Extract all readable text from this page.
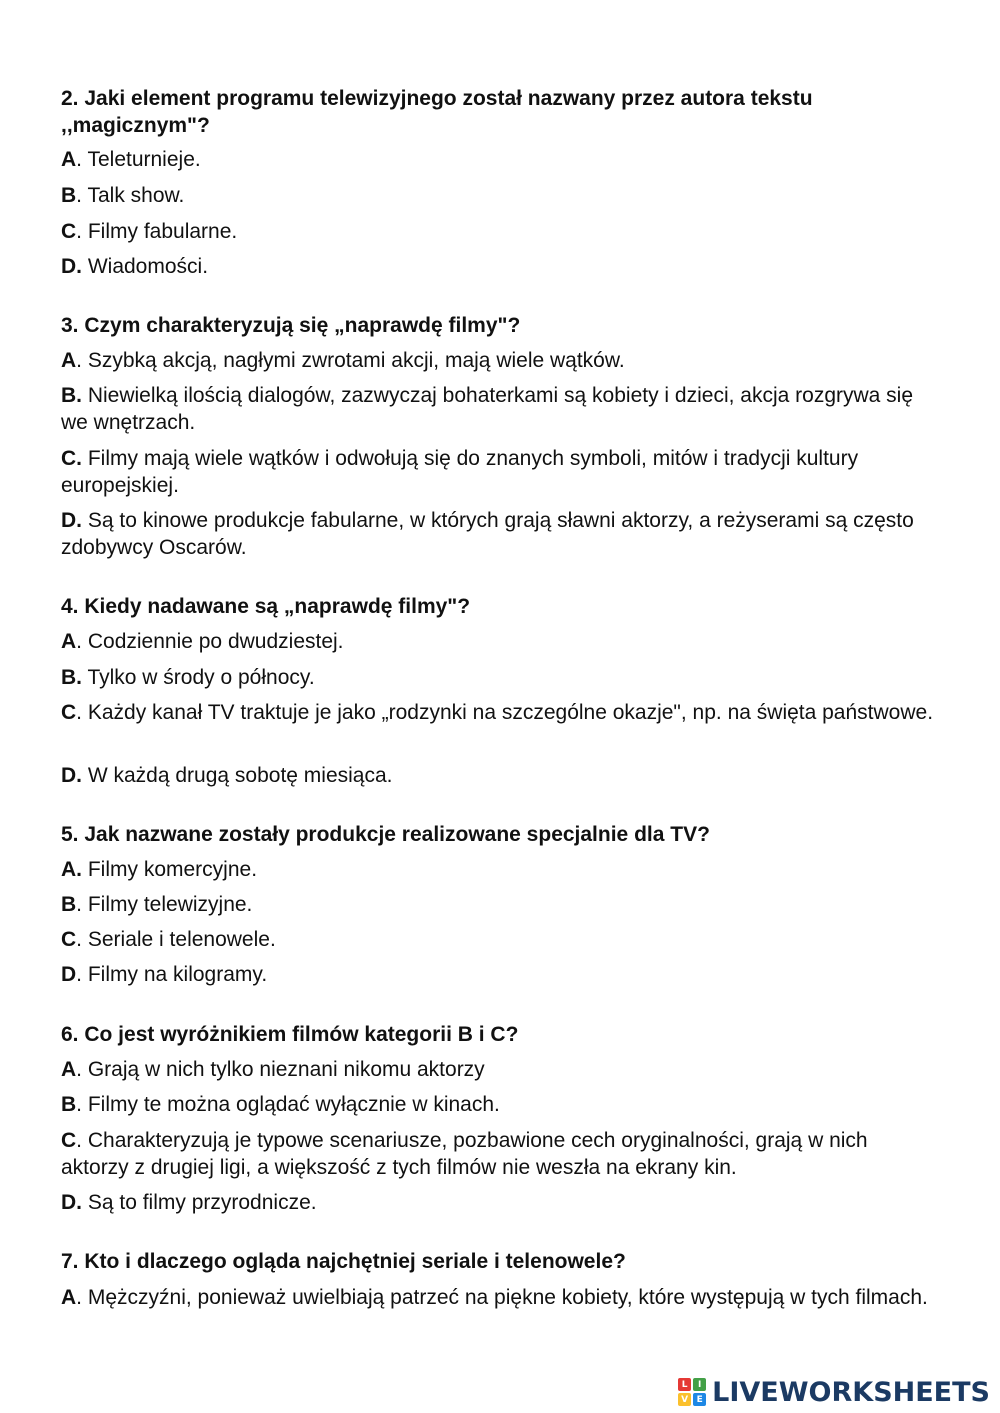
2. Jaki element programu telewizyjnego został nazwany przez autora tekstu ,,magicznym"?

A. Teleturnieje.

B. Talk show.

C. Filmy fabularne.

D. Wiadomości.

3. Czym charakteryzują się „naprawdę filmy"?

A. Szybką akcją, nagłymi zwrotami akcji, mają wiele wątków.

B. Niewielką ilością dialogów, zazwyczaj bohaterkami są kobiety i dzieci, akcja rozgrywa się we wnętrzach.

C. Filmy mają wiele wątków i odwołują się do znanych symboli, mitów i tradycji kultury europejskiej.

D. Są to kinowe produkcje fabularne, w których grają sławni aktorzy, a reżyserami są często zdobywcy Oscarów.

4. Kiedy nadawane są „naprawdę filmy"?

A. Codziennie po dwudziestej.

B. Tylko w środy o północy.

C. Każdy kanał TV traktuje je jako „rodzynki na szczególne okazje", np. na święta państwowe.

D. W każdą drugą sobotę miesiąca.

5. Jak nazwane zostały produkcje realizowane specjalnie dla TV?

A. Filmy komercyjne.

B. Filmy telewizyjne.

C. Seriale i telenowele.

D. Filmy na kilogramy.

6. Co jest wyróżnikiem filmów kategorii B i C?

A. Grają w nich tylko nieznani nikomu aktorzy

B. Filmy te można oglądać wyłącznie w kinach.

C. Charakteryzują je typowe scenariusze, pozbawione cech oryginalności, grają w nich aktorzy z drugiej ligi, a większość z tych filmów nie weszła na ekrany kin.

D. Są to filmy przyrodnicze.

7. Kto i dlaczego ogląda najchętniej seriale i telenowele?

A. Mężczyźni, ponieważ uwielbiają patrzeć na piękne kobiety, które występują w tych filmach.

L	I
V E LIVEWORKSHEETS
